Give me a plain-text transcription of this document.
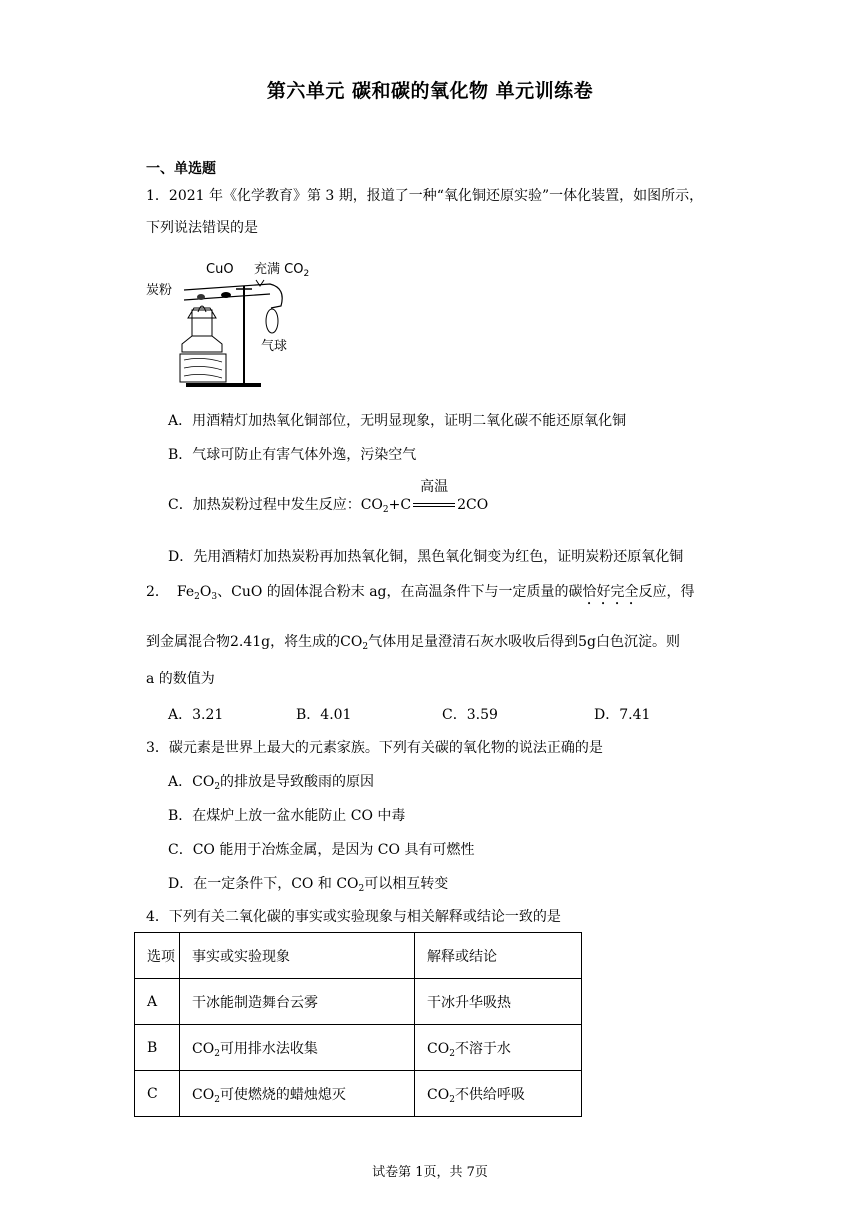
第六单元 碳和碳的氧化物 单元训练卷
一、单选题
1．2021 年《化学教育》第 3 期，报道了一种“氧化铜还原实验”一体化装置，如图所示，
下列说法错误的是
CuO 充满 $CO_2$
炭粉
气球
A．用酒精灯加热氧化铜部位，无明显现象，证明二氧化碳不能还原氧化铜
B．气球可防止有害气体外逸，污染空气
C．加热炭粉过程中发生反应：$CO_2+C$
高温
2CO
D．先用酒精灯加热炭粉再加热氧化铜，黑色氧化铜变为红色，证明炭粉还原氧化铜
2． $Fe_2O_3$、CuO 的固体混合粉末 ag，在高温条件下与一定质量的碳恰好完全反应，得
到金属混合物2.41g，将生成的$CO_2$气体用足量澄清石灰水吸收后得到5g白色沉淀。则
a 的数值为
A．3.21	B．4.01	C．3.59	D．7.41
3．碳元素是世界上最大的元素家族。下列有关碳的氧化物的说法正确的是
A．$CO_2$的排放是导致酸雨的原因
B．在煤炉上放一盆水能防止 CO 中毒
C．CO 能用于冶炼金属，是因为 CO 具有可燃性
D．在一定条件下，CO 和 $CO_2$可以相互转变
4．下列有关二氧化碳的事实或实验现象与相关解释或结论一致的是
选项	事实或实验现象	解释或结论
A	干冰能制造舞台云雾	干冰升华吸热
B	$CO_2$可用排水法收集	$CO_2$不溶于水
C	$CO_2$可使燃烧的蜡烛熄灭	$CO_2$不供给呼吸
试卷第 1页，共 7页
